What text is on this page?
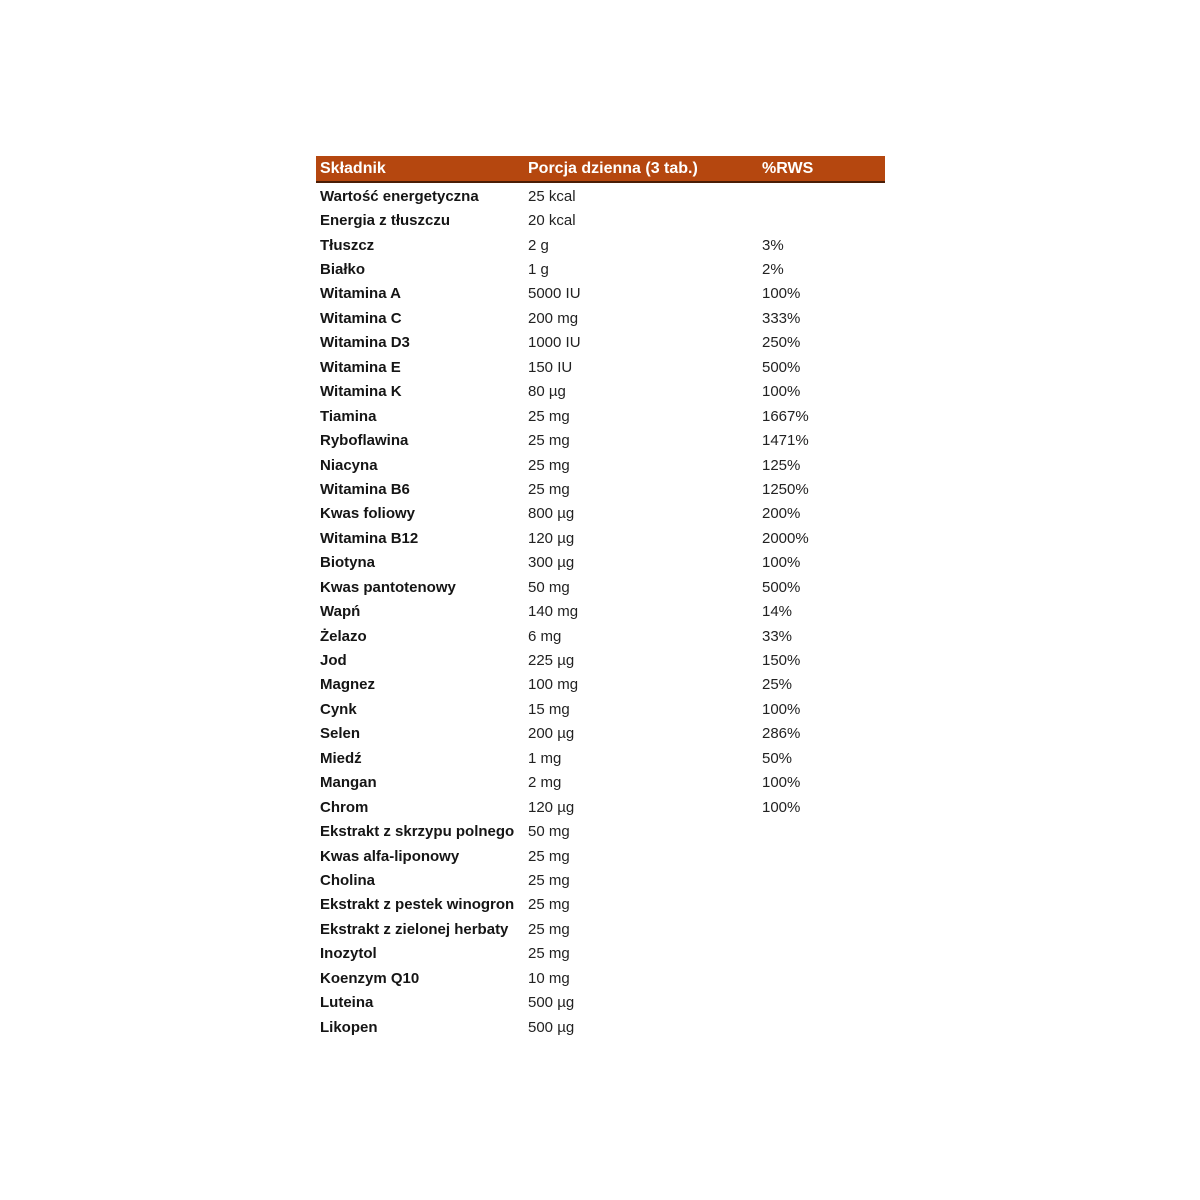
Składnik	Porcja dzienna (3 tab.)	%RWS
Wartość energetyczna	25 kcal
Energia z tłuszczu	20 kcal
Tłuszcz	2 g	3%
Białko	1 g	2%
Witamina A	5000 IU	100%
Witamina C	200 mg	333%
Witamina D3	1000 IU	250%
Witamina E	150 IU	500%
Witamina K	80 µg	100%
Tiamina	25 mg	1667%
Ryboflawina	25 mg	1471%
Niacyna	25 mg	125%
Witamina B6	25 mg	1250%
Kwas foliowy	800 µg	200%
Witamina B12	120 µg	2000%
Biotyna	300 µg	100%
Kwas pantotenowy	50 mg	500%
Wapń	140 mg	14%
Żelazo	6 mg	33%
Jod	225 µg	150%
Magnez	100 mg	25%
Cynk	15 mg	100%
Selen	200 µg	286%
Miedź	1 mg	50%
Mangan	2 mg	100%
Chrom	120 µg	100%
Ekstrakt z skrzypu polnego 50 mg
Kwas alfa-liponowy	25 mg
Cholina	25 mg
Ekstrakt z pestek winogron 25 mg
Ekstrakt z zielonej herbaty	25 mg
Inozytol	25 mg
Koenzym Q10	10 mg
Luteina	500 µg
Likopen	500 µg
